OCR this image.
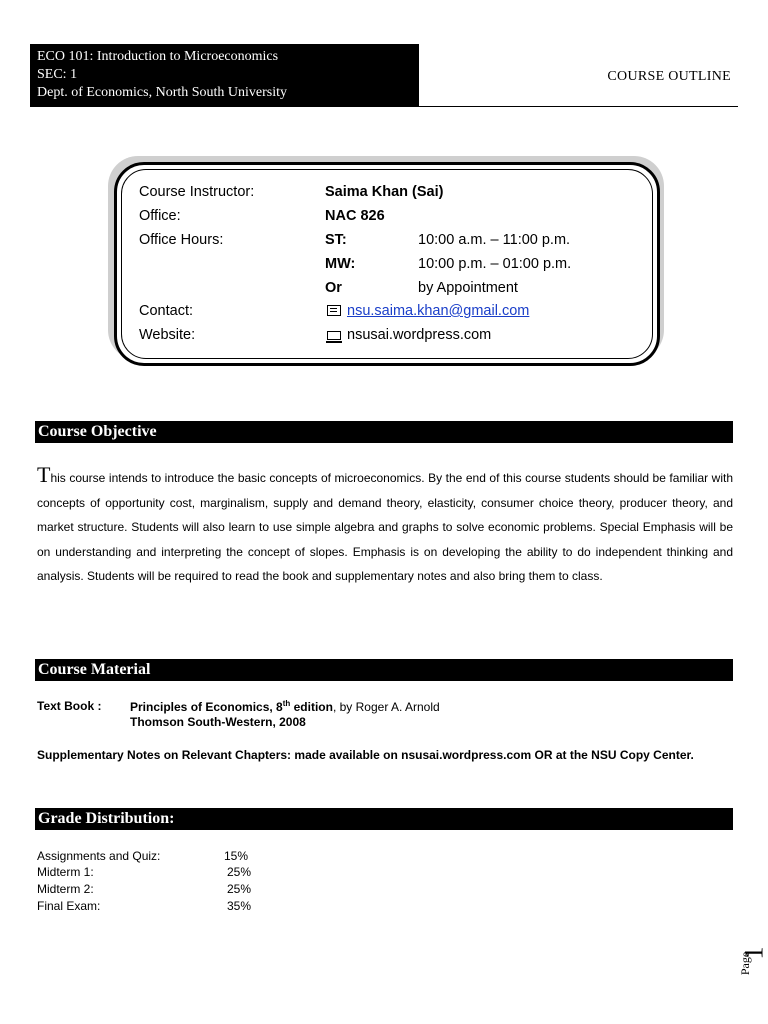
ECO 101: Introduction to Microeconomics
SEC: 1
Dept. of Economics, North South University
COURSE OUTLINE
Course Instructor:	Saima Khan (Sai)
Office:	NAC 826
Office Hours:	ST:	10:00 a.m. – 11:00 p.m.
MW:	10:00 p.m. – 01:00 p.m.
Or	by Appointment
Contact:	nsu.saima.khan@gmail.com
Website:	nsusai.wordpress.com
Course Objective
This course intends to introduce the basic concepts of microeconomics. By the end of this course students should be familiar with concepts of opportunity cost, marginalism, supply and demand theory, elasticity, consumer choice theory, producer theory, and market structure. Students will also learn to use simple algebra and graphs to solve economic problems. Special Emphasis will be on understanding and interpreting the concept of slopes. Emphasis is on developing the ability to do independent thinking and analysis. Students will be required to read the book and supplementary notes and also bring them to class.
Course Material
Text Book : Principles of Economics, 8th edition, by Roger A. Arnold
Thomson South-Western, 2008
Supplementary Notes on Relevant Chapters: made available on nsusai.wordpress.com OR at the NSU Copy Center.
Grade Distribution:
Assignments and Quiz:	15%
Midterm 1:	25%
Midterm 2:	25%
Final Exam:	35%
Page
1
